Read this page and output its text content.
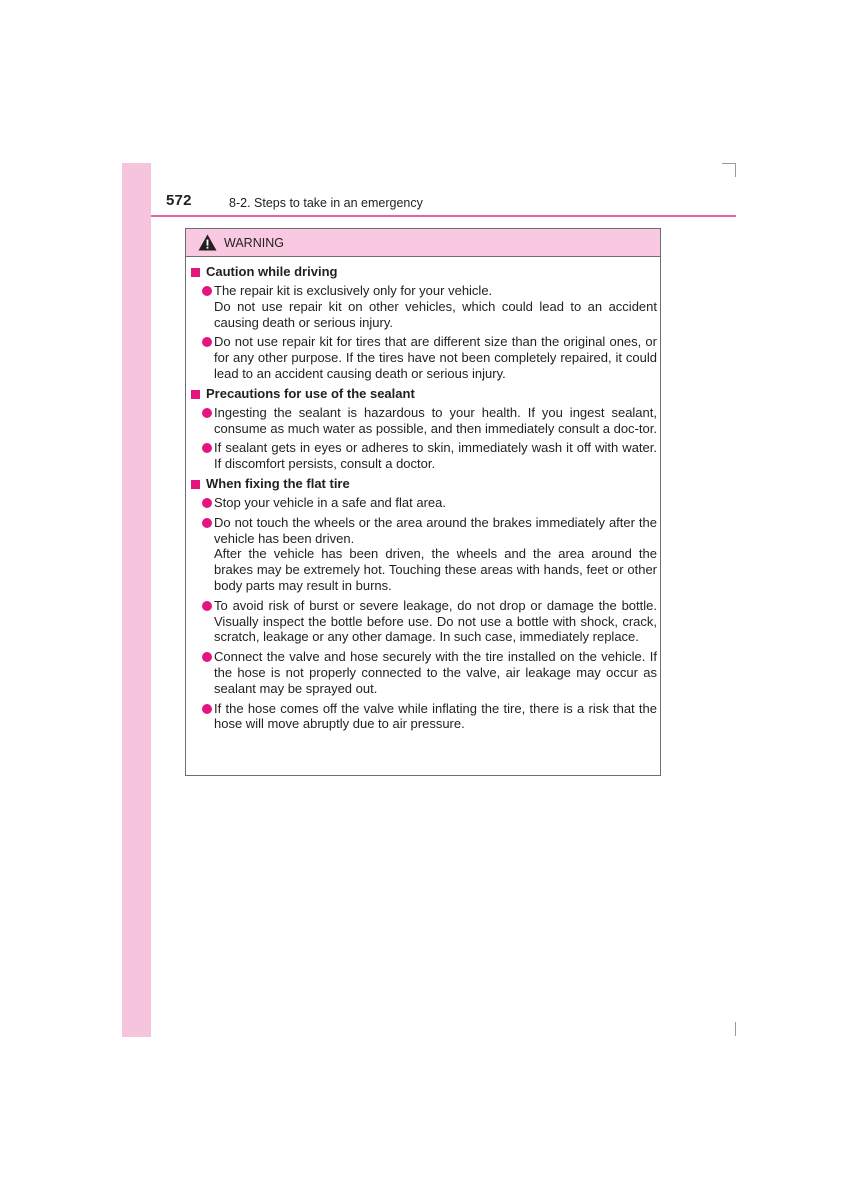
572	8-2. Steps to take in an emergency
WARNING
Caution while driving

The repair kit is exclusively only for your vehicle.

Do not use repair kit on other vehicles, which could lead to an accident causing death or serious injury.

Do not use repair kit for tires that are different size than the original ones, or for any other purpose. If the tires have not been completely repaired, it could lead to an accident causing death or serious injury.

Precautions for use of the sealant

Ingesting the sealant is hazardous to your health. If you ingest sealant, consume as much water as possible, and then immediately consult a doc-tor.

If sealant gets in eyes or adheres to skin, immediately wash it off with water. If discomfort persists, consult a doctor.

When fixing the flat tire

Stop your vehicle in a safe and flat area.

Do not touch the wheels or the area around the brakes immediately after the vehicle has been driven.

After the vehicle has been driven, the wheels and the area around the brakes may be extremely hot. Touching these areas with hands, feet or other body parts may result in burns.

To avoid risk of burst or severe leakage, do not drop or damage the bottle. Visually inspect the bottle before use. Do not use a bottle with shock, crack, scratch, leakage or any other damage. In such case, immediately replace.

Connect the valve and hose securely with the tire installed on the vehicle. If the hose is not properly connected to the valve, air leakage may occur as sealant may be sprayed out.

If the hose comes off the valve while inflating the tire, there is a risk that the hose will move abruptly due to air pressure.
